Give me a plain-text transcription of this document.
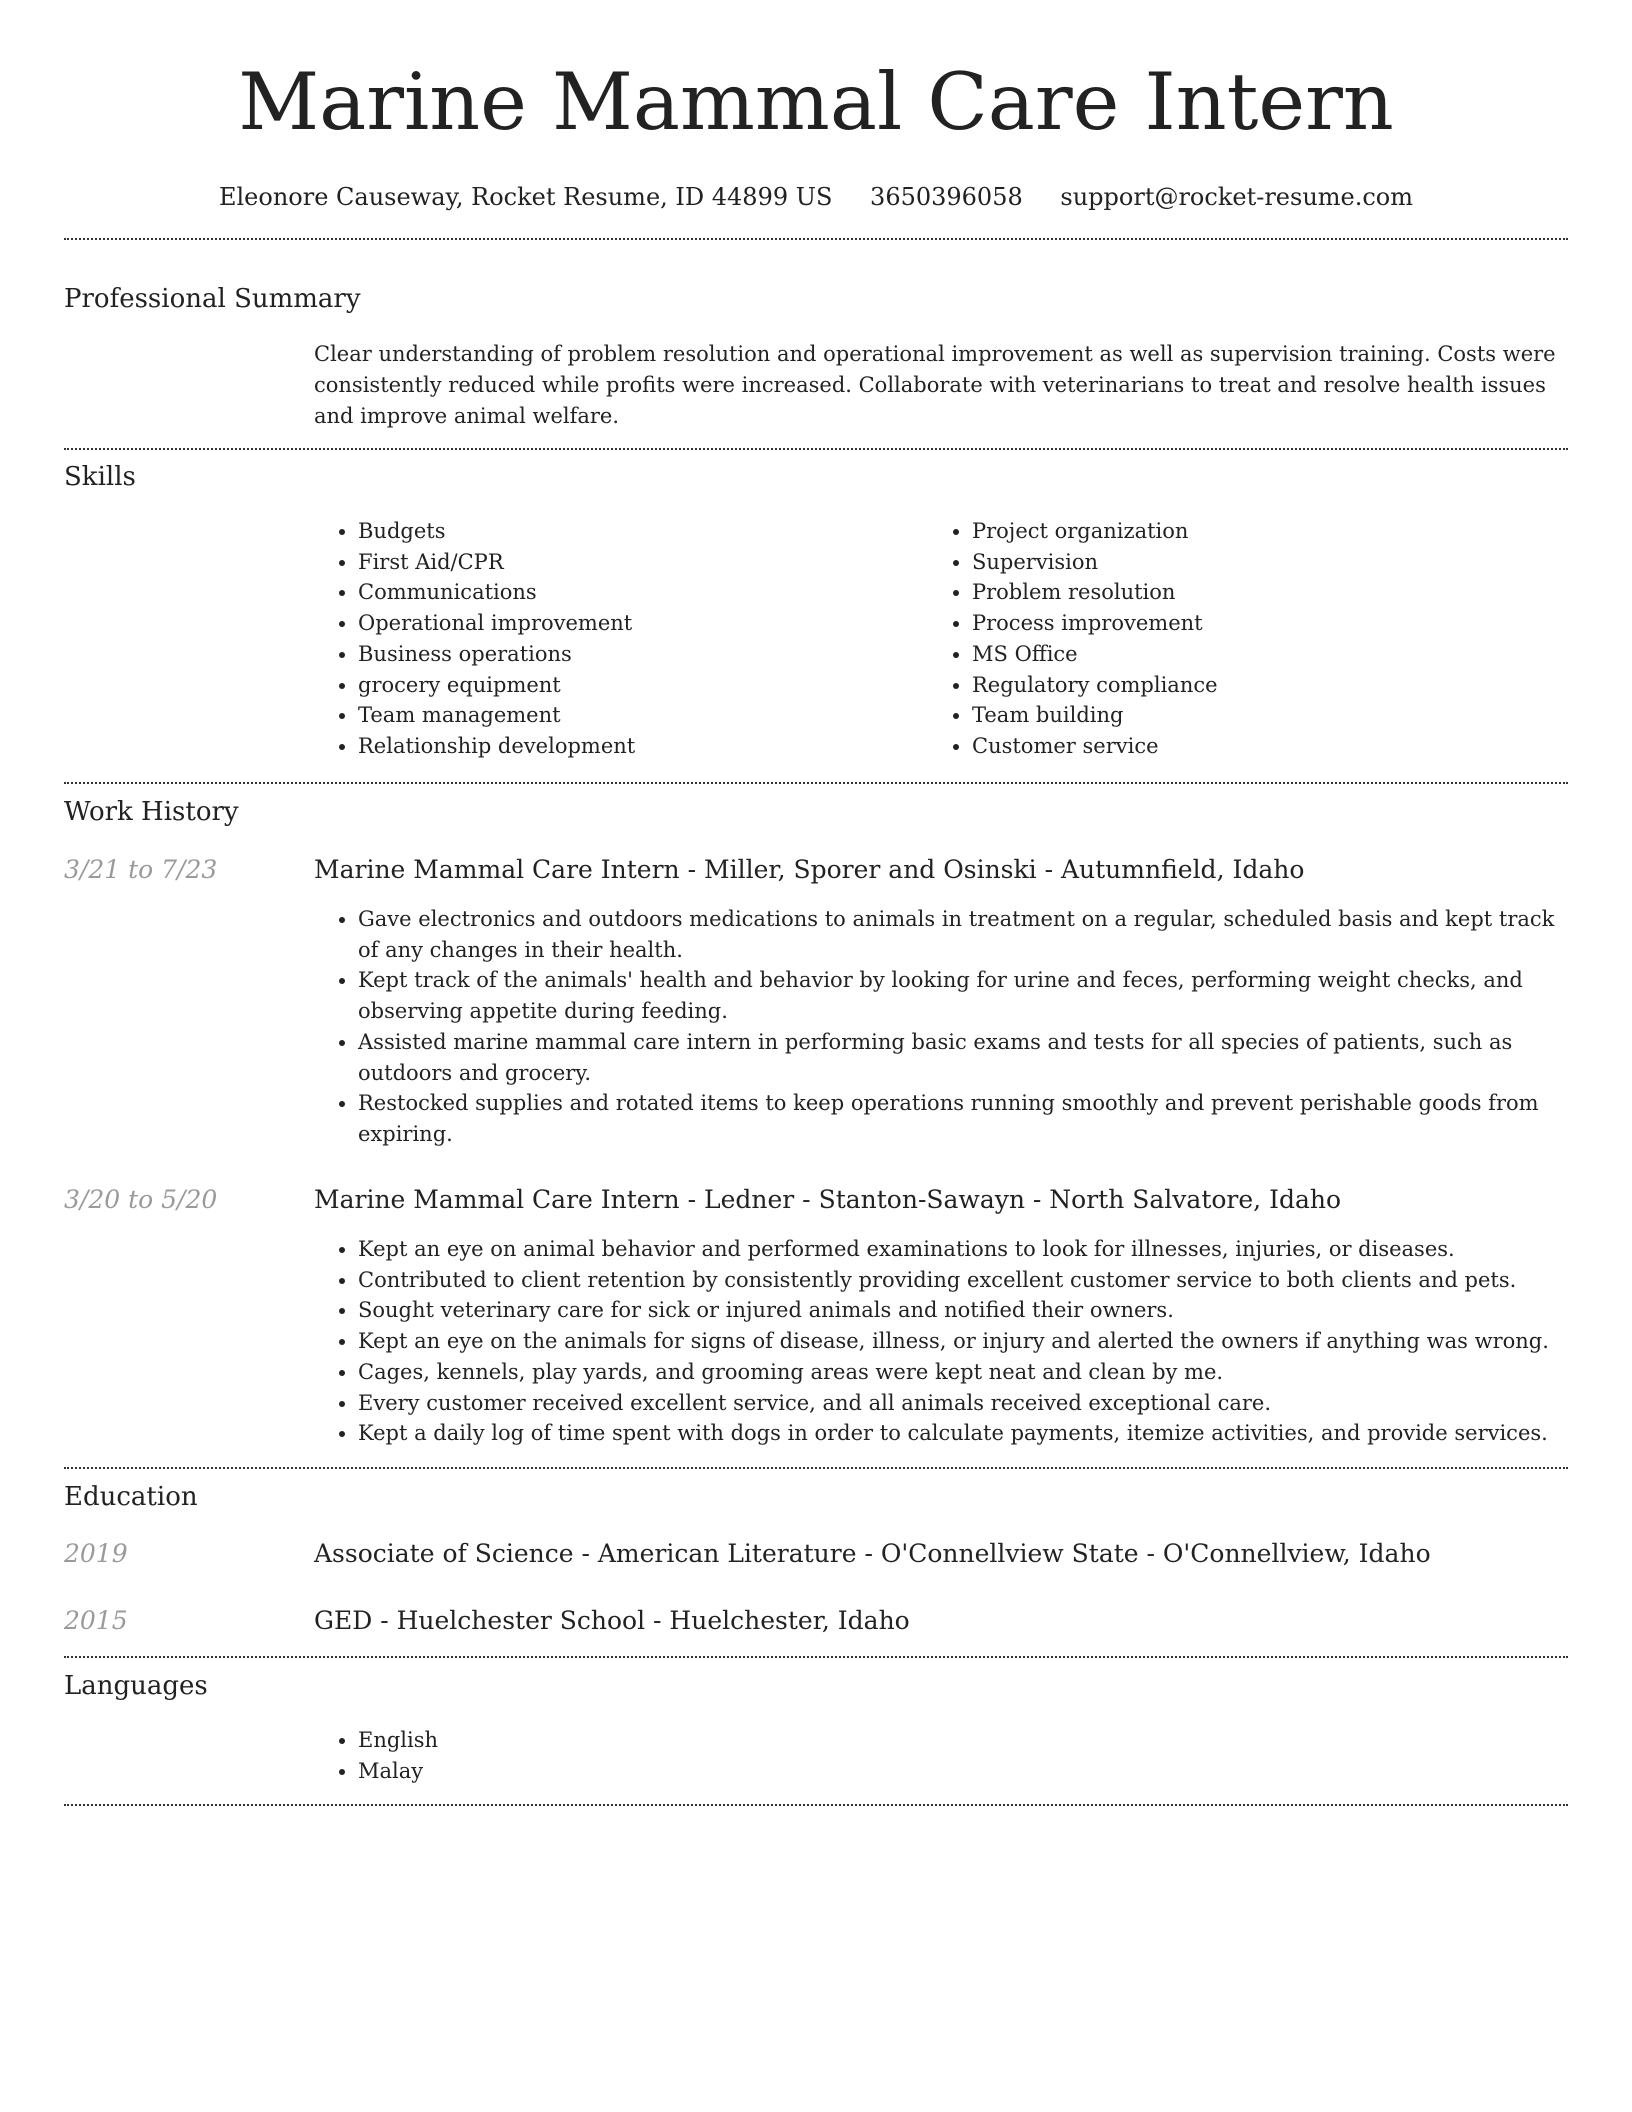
Marine Mammal Care Intern
Eleonore Causeway, Rocket Resume, ID 44899 US 3650396058 support@rocket-resume.com
Professional Summary
Clear understanding of problem resolution and operational improvement as well as supervision training. Costs were consistently reduced while profits were increased. Collaborate with veterinarians to treat and resolve health issues and improve animal welfare.
Skills
• Budgets
• First Aid/CPR
• Communications
• Operational improvement
• Business operations
• grocery equipment
• Team management
• Relationship development
• Project organization
• Supervision
• Problem resolution
• Process improvement
• MS Office
• Regulatory compliance
• Team building
• Customer service
Work History
3/21 to 7/23	Marine Mammal Care Intern - Miller, Sporer and Osinski - Autumnfield, Idaho
• Gave electronics and outdoors medications to animals in treatment on a regular, scheduled basis and kept track of any changes in their health.
• Kept track of the animals' health and behavior by looking for urine and feces, performing weight checks, and observing appetite during feeding.
• Assisted marine mammal care intern in performing basic exams and tests for all species of patients, such as outdoors and grocery.
• Restocked supplies and rotated items to keep operations running smoothly and prevent perishable goods from expiring.
3/20 to 5/20	Marine Mammal Care Intern - Ledner - Stanton-Sawayn - North Salvatore, Idaho
• Kept an eye on animal behavior and performed examinations to look for illnesses, injuries, or diseases.
• Contributed to client retention by consistently providing excellent customer service to both clients and pets.
• Sought veterinary care for sick or injured animals and notified their owners.
• Kept an eye on the animals for signs of disease, illness, or injury and alerted the owners if anything was wrong.
• Cages, kennels, play yards, and grooming areas were kept neat and clean by me.
• Every customer received excellent service, and all animals received exceptional care.
• Kept a daily log of time spent with dogs in order to calculate payments, itemize activities, and provide services.
Education
2019	Associate of Science - American Literature - O'Connellview State - O'Connellview, Idaho
2015	GED - Huelchester School - Huelchester, Idaho
Languages
• English
• Malay
